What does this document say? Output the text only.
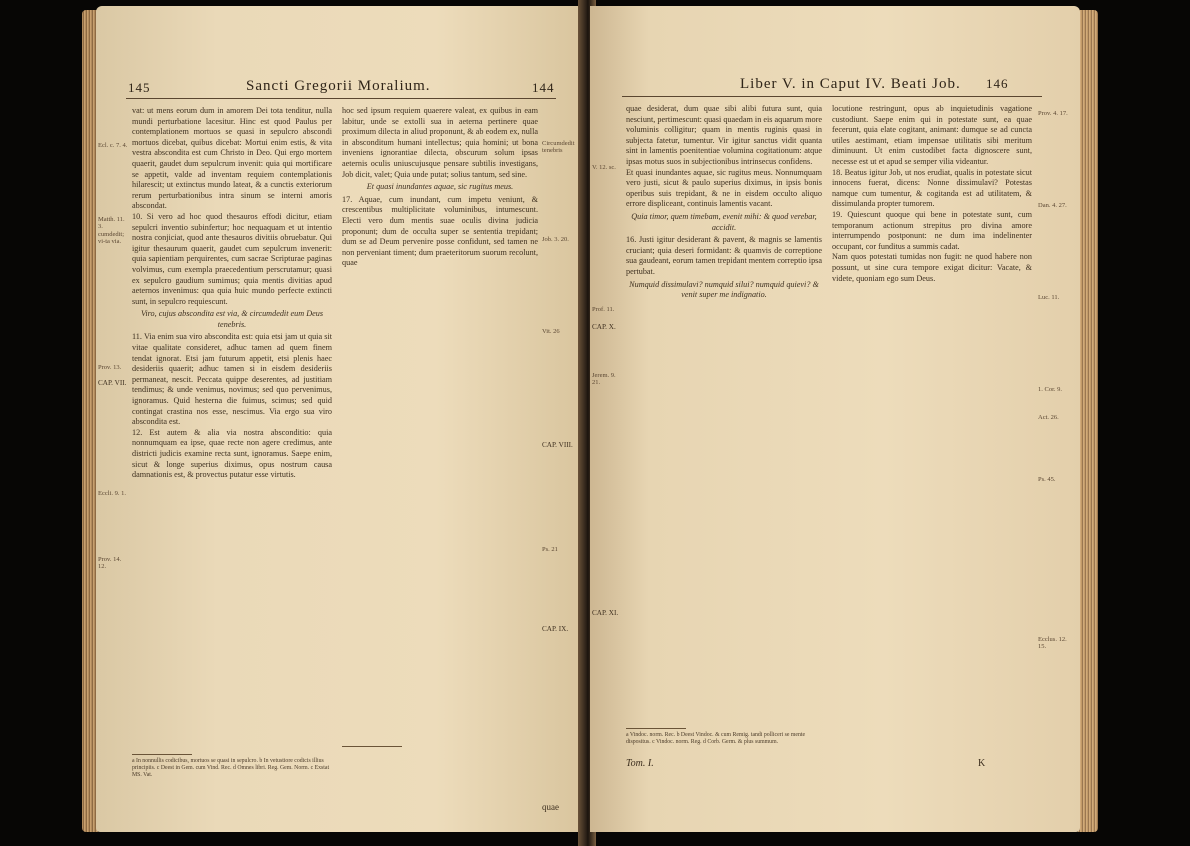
145	Sancti Gregorii Moralium.	144

vat: ut mens eorum dum in amorem Dei tota tenditur, nulla mundi perturbatione lacesitur. Hinc est quod Paulus per contemplationem mortuos se quasi in sepulcro abscondi mortuos dicebat, quibus dicebat: Mortui enim estis, & vita vestra abscondita est cum Christo in Deo. Qui ergo mortem quaerit, gaudet dum sepulcrum invenit: quia qui mortificare se appetit, valde ad inventam requiem contemplationis hilarescit; ut extinctus mundo lateat, & a cunctis exteriorum rerum perturbationibus intra sinum se interni amoris abscondat.

10. Si vero ad hoc quod thesauros effodi dicitur, etiam sepulcri inventio subinfertur; hoc nequaquam et ut intentio nostra conjiciat, quod ante thesauros divitiis obruebatur. Qui igitur thesaurum quaerit, gaudet cum sepulcrum invenerit: quia sapientiam perquirentes, cum sacrae Scripturae paginas volvimus, cum exempla praecedentium perscrutamur; quasi ex sepulcro gaudium sumimus; quia mentis divitias apud aeternos invenimus: qua quia huic mundo perfecte extincti sunt, in sepulcro requiescunt.

Viro, cujus abscondita est via, & circumdedit eum Deus tenebris.

11. Via enim sua viro abscondita est: quia etsi jam ut quia sit vitae qualitate consideret, adhuc tamen ad quem finem tendat ignorat. Etsi jam futurum appetit, etsi plenis haec desideriis quaerit; adhuc tamen si in eisdem desideriis permaneat, nescit. Peccata quippe deserentes, ad justitiam tendimus; & unde venimus, novimus; sed quo pervenimus, ignoramus. Quid hesterna die fuimus, scimus; sed quid contingat crastina nos esse, nescimus. Via ergo sua viro abscondita est.

12. Est autem & alia via nostra absconditio: quia nonnumquam ea ipse, quae recte non agere credimus, ante districti judicis examine recta sunt, ignoramus. Saepe enim, sicut & longe superius diximus, opus nostrum causa damnationis est, & provectus putatur esse virtutis.

hoc sed ipsum requiem quaerere valeat, ex quibus in eam labitur, unde se extolli sua in aeterna pertinere quae proximum dilecta in aliud proponunt, & ab eodem ex, nulla in absconditum humani intellectus; quia homini; ut bona inveniens ignorantiae dilecta, obscurum solum ipsas aeternis oculis uniuscujusque pensare subtilis investigans, Job dicit, valet; Quia unde putat; solius tantum, sed sine.

Et quasi inundantes aquae, sic rugitus meus.

17. Aquae, cum inundant, cum impetu veniunt, & crescentibus multiplicitate voluminibus, intumescunt. Electi vero dum mentis suae oculis divina judicia proponunt; dum de occulta super se sententia trepidant; dum se ad Deum pervenire posse confidunt, sed tamen ne non perveniant timent; dum praeteritorum suorum recolunt, quae

Ecl. c. 7. 4.
Matth. 11. 3. cumdedit; vi-ta via.
Prov. 13.
CAP. VII.
Eccli. 9. 1.
Prov. 14. 12.
Circumdedit tenebris
Job. 3. 20.
Vit. 26
CAP. VIII.
Ps. 21
CAP. IX.
a In nonnullis codicibus, mortuos se quasi in sepulcro. b In vetustiore codicis illius principiis. c Deest in Gem. cum Vind. Rec. d Omnes libri. Reg. Gem. Norm. c Exstat MS. Vat.
quae
Liber V. in Caput IV. Beati Job. 146

quae desiderat, dum quae sibi alibi futura sunt, quia nesciunt, pertimescunt: quasi quaedam in eis aquarum more voluminis colligitur; quam in mentis ruginis quasi in subjecta fatetur, tumentur. Vir igitur sanctus vidit quanta sint in lamentis poenitentiae volumina cogitationum: atque ipsas motus suos in subjectionibus intrinsecus confidens.

Et quasi inundantes aquae, sic rugitus meus. Nonnumquam vero justi, sicut & paulo superius diximus, in ipsis bonis operibus suis trepidant, & ne in eisdem occulto aliquo errore displiceant, continuis lamentis vacant.

Quia timor, quem timebam, evenit mihi: & quod verebar, accidit.

16. Justi igitur desiderant & pavent, & magnis se lamentis cruciant; quia deseri formidant: & quamvis de correptione sua gaudeant, eorum tamen trepidant mentem correptio ipsa pertubat.

Numquid dissimulavi? numquid silui? numquid quievi? & venit super me indignatio.

locutione restringunt, opus ab inquietudinis vagatione custodiunt. Saepe enim qui in potestate sunt, ea quae fecerunt, quia elate cogitant, animant: dumque se ad cuncta utiles aestimant, etiam impensae utilitatis sibi meritum diminuunt. Ut enim custodibet facta dignoscere sunt, necesse est ut et apud se semper vilia videantur.

18. Beatus igitur Job, ut nos erudiat, qualis in potestate sicut innocens fuerat, dicens: Nonne dissimulavi? Potestas namque cum tumentur, & cogitanda est ad utilitatem, & dissimulanda propter tumorem.

19. Quiescunt quoque qui bene in potestate sunt, cum temporanum actionum strepitus pro divina amore interrumpendo postponunt: ne dum ima indelinenter occupant, cor funditus a summis cadat.

Nam quos potestati tumidas non fugit: ne quod habere non possunt, ut sine cura tempore exigat dicitur: Vacate, & videte, quoniam ego sum Deus.

V. 12. sc.
Prof. 11.
CAP. X.
Jerem. 9. 21.
CAP. XI.
Prov. 4. 17.
Dan. 4. 27.
Luc. 11.
1. Cor. 9.
Act. 26.
Ps. 45.
Ecclus. 12. 15.
a Vindoc. norm. Rec. b Deest Vindoc. & cum Remig. tandi polliceri se mente dispositus. c Vindoc. norm. Reg. d Corb. Germ. & plus summum.
Tom. I.	K
